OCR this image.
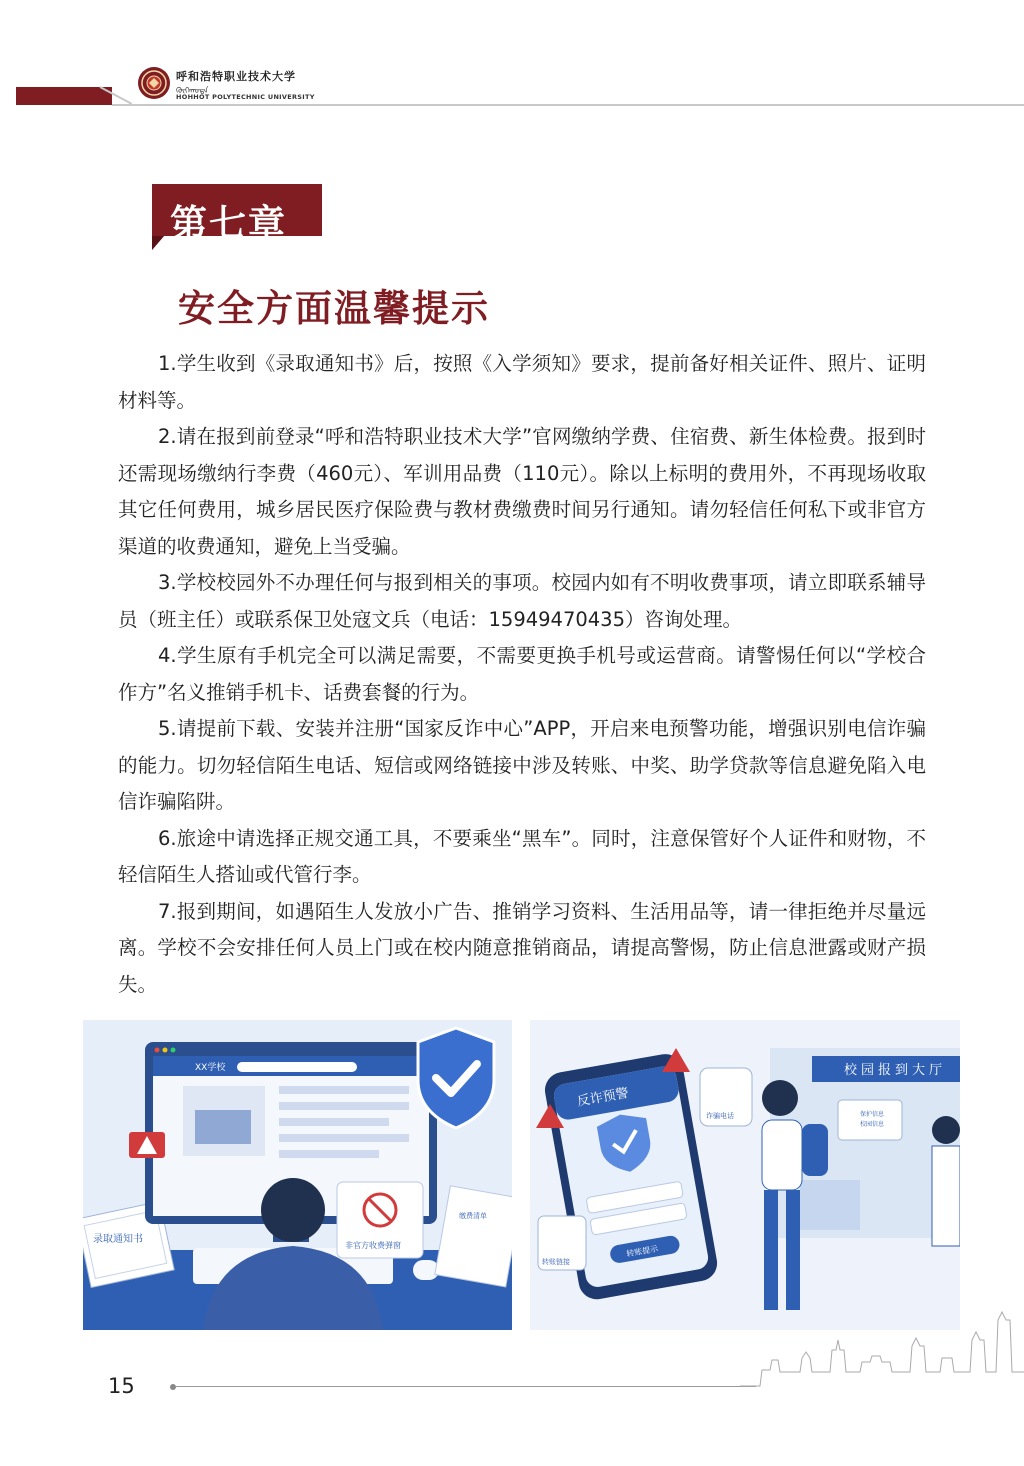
呼和浩特职业技术大学
ᠬᠥᠬᠡᠬᠣᠲᠠ
HOHHOT POLYTECHNIC UNIVERSITY
第七章
安全方面温馨提示

1.学生收到《录取通知书》后，按照《入学须知》要求，提前备好相关证件、照片、证明材料等。

2.请在报到前登录“呼和浩特职业技术大学”官网缴纳学费、住宿费、新生体检费。报到时还需现场缴纳行李费（460元）、军训用品费（110元）。除以上标明的费用外，不再现场收取其它任何费用，城乡居民医疗保险费与教材费缴费时间另行通知。请勿轻信任何私下或非官方渠道的收费通知，避免上当受骗。

3.学校校园外不办理任何与报到相关的事项。校园内如有不明收费事项，请立即联系辅导员（班主任）或联系保卫处寇文兵（电话：15949470435）咨询处理。

4.学生原有手机完全可以满足需要，不需要更换手机号或运营商。请警惕任何以“学校合作方”名义推销手机卡、话费套餐的行为。

5.请提前下载、安装并注册“国家反诈中心”APP，开启来电预警功能，增强识别电信诈骗的能力。切勿轻信陌生电话、短信或网络链接中涉及转账、中奖、助学贷款等信息避免陷入电信诈骗陷阱。

6.旅途中请选择正规交通工具，不要乘坐“黑车”。同时，注意保管好个人证件和财物，不轻信陌生人搭讪或代管行李。

7.报到期间，如遇陌生人发放小广告、推销学习资料、生活用品等，请一律拒绝并尽量远离。学校不会安排任何人员上门或在校内随意推销商品，请提高警惕，防止信息泄露或财产损失。

录取通知书
XX学校
非官方收费弹窗
缴费清单
校园报到大厅
保护信息
校园信息
反诈预警
转账提示
诈骗电话
转账链接
15
